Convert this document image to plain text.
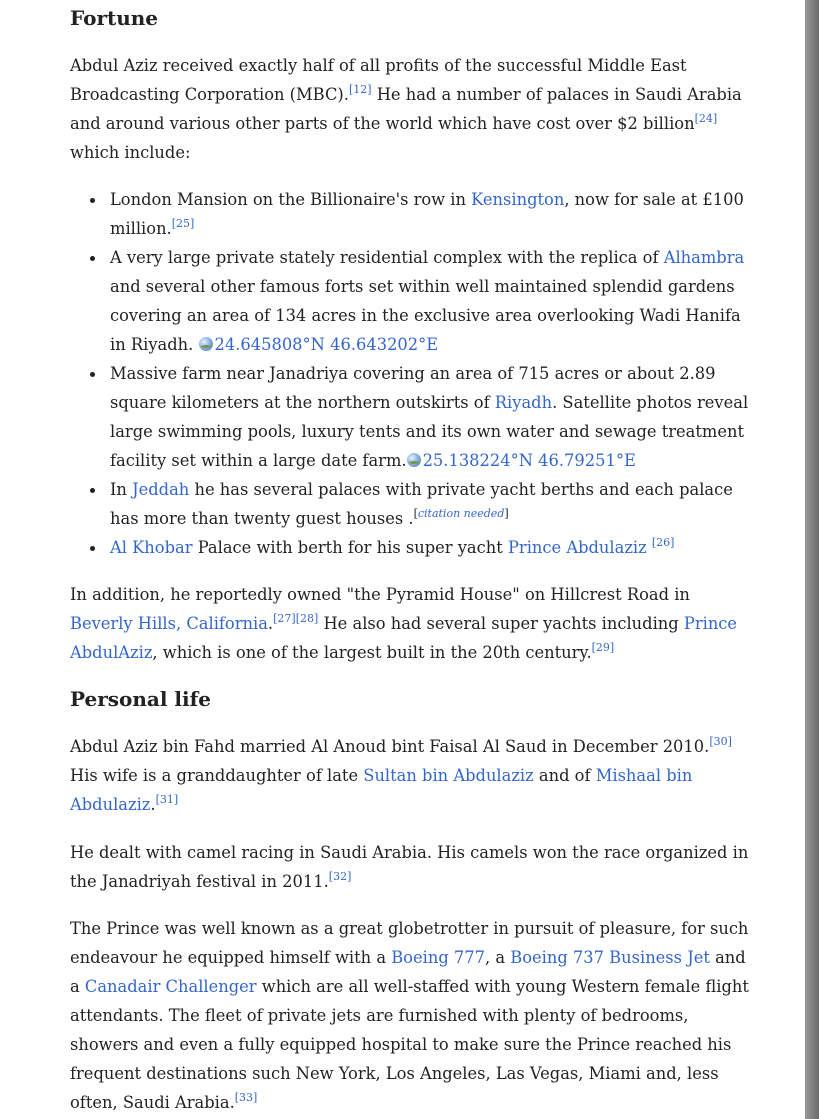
Fortune

Abdul Aziz received exactly half of all profits of the successful Middle East Broadcasting Corporation (MBC).[12] He had a number of palaces in Saudi Arabia and around various other parts of the world which have cost over $2 billion[24] which include:

London Mansion on the Billionaire's row in Kensington, now for sale at £100 million.[25]
A very large private stately residential complex with the replica of Alhambra and several other famous forts set within well maintained splendid gardens covering an area of 134 acres in the exclusive area overlooking Wadi Hanifa in Riyadh. 24.645808°N 46.643202°E
Massive farm near Janadriya covering an area of 715 acres or about 2.89 square kilometers at the northern outskirts of Riyadh. Satellite photos reveal large swimming pools, luxury tents and its own water and sewage treatment facility set within a large date farm. 25.138224°N 46.79251°E
In Jeddah he has several palaces with private yacht berths and each palace has more than twenty guest houses .[citation needed]
Al Khobar Palace with berth for his super yacht Prince Abdulaziz [26]

In addition, he reportedly owned "the Pyramid House" on Hillcrest Road in Beverly Hills, California.[27][28] He also had several super yachts including Prince AbdulAziz, which is one of the largest built in the 20th century.[29]

Personal life

Abdul Aziz bin Fahd married Al Anoud bint Faisal Al Saud in December 2010.[30] His wife is a granddaughter of late Sultan bin Abdulaziz and of Mishaal bin Abdulaziz.[31]

He dealt with camel racing in Saudi Arabia. His camels won the race organized in the Janadriyah festival in 2011.[32]

The Prince was well known as a great globetrotter in pursuit of pleasure, for such endeavour he equipped himself with a Boeing 777, a Boeing 737 Business Jet and a Canadair Challenger which are all well-staffed with young Western female flight attendants. The fleet of private jets are furnished with plenty of bedrooms, showers and even a fully equipped hospital to make sure the Prince reached his frequent destinations such New York, Los Angeles, Las Vegas, Miami and, less often, Saudi Arabia.[33]
